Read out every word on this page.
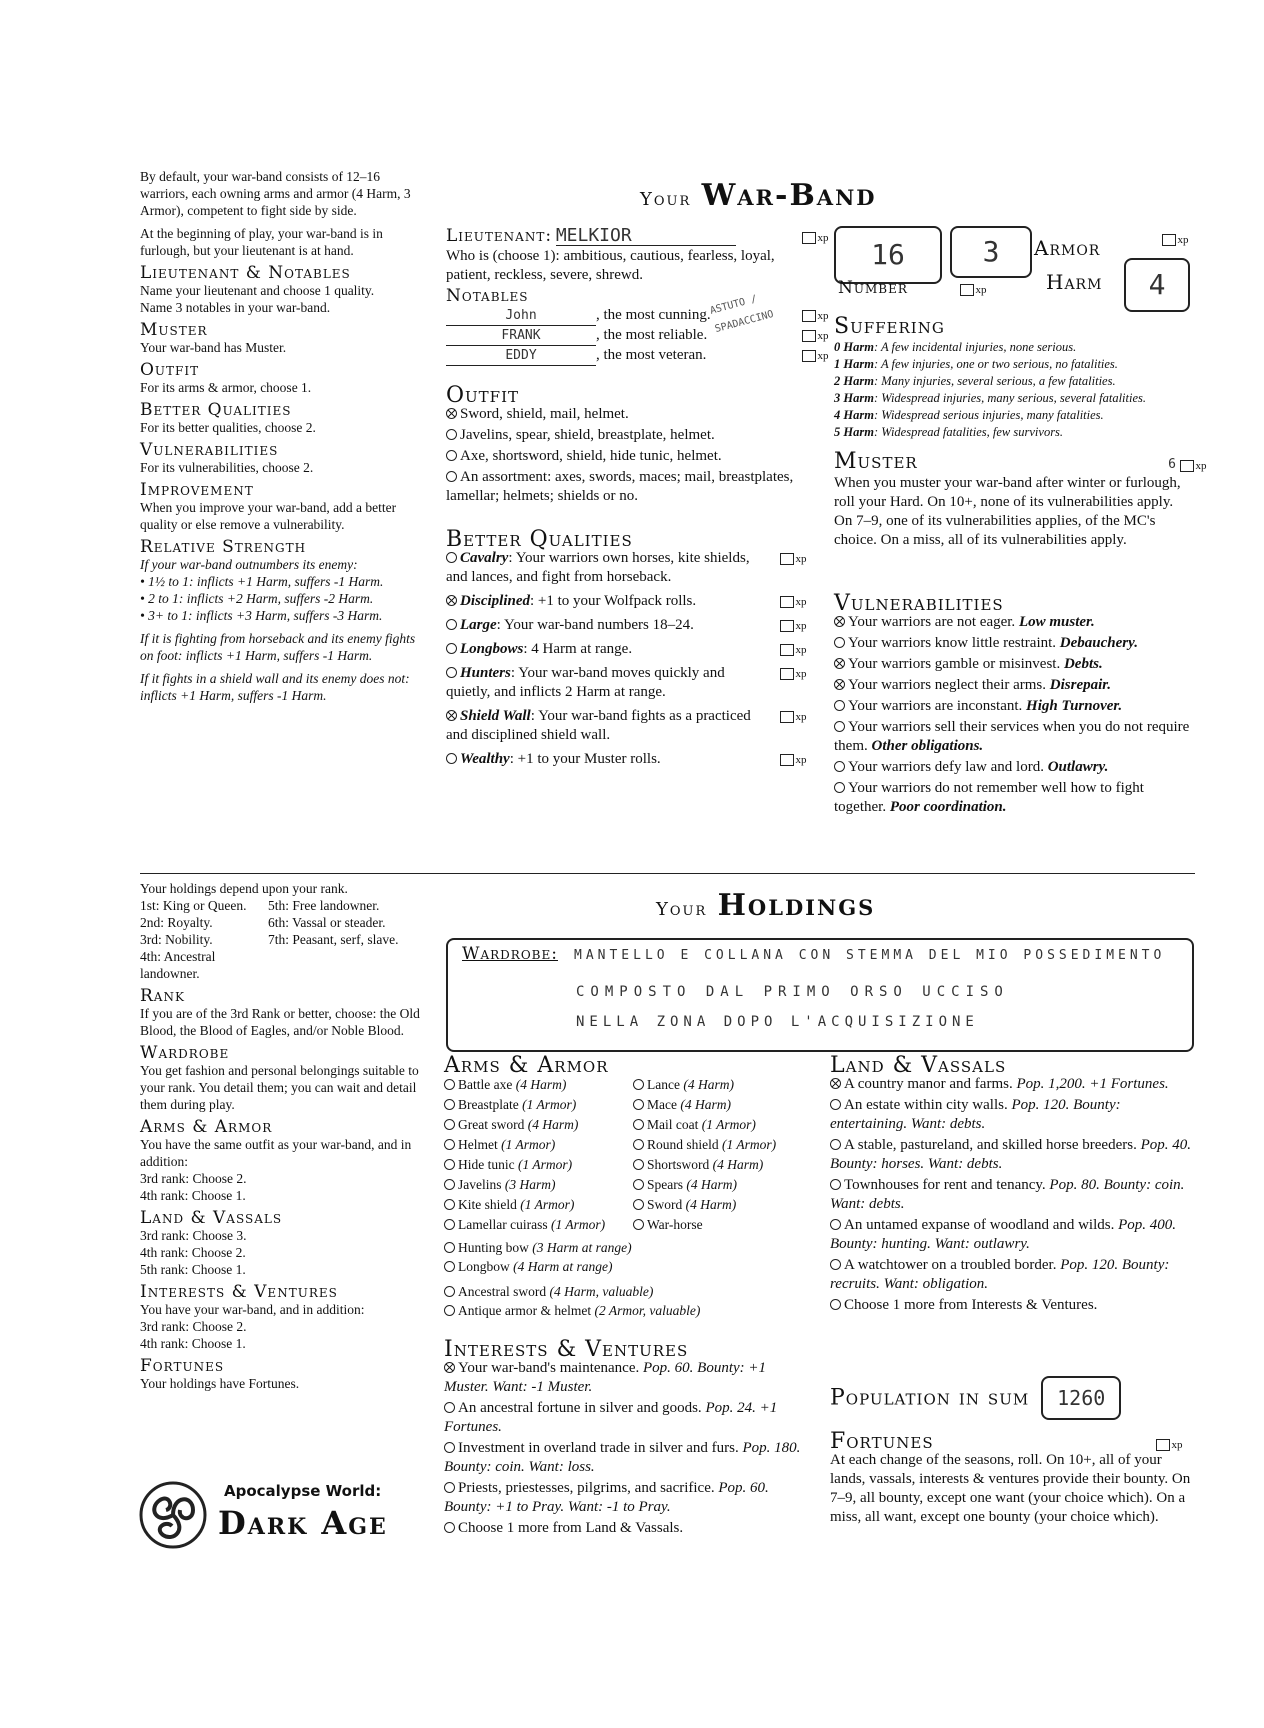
By default, your war-band consists of 12–16 warriors, each owning arms and armor (4 Harm, 3 Armor), competent to fight side by side.

At the beginning of play, your war-band is in furlough, but your lieutenant is at hand.

Lieutenant & Notables
Name your lieutenant and choose 1 quality.
Name 3 notables in your war-band.
Muster
Your war-band has Muster.
Outfit
For its arms & armor, choose 1.
Better Qualities
For its better qualities, choose 2.
Vulnerabilities
For its vulnerabilities, choose 2.
Improvement
When you improve your war-band, add a better quality or else remove a vulnerability.
Relative Strength
If your war-band outnumbers its enemy:
• 1½ to 1: inflicts +1 Harm, suffers -1 Harm.
• 2 to 1: inflicts +2 Harm, suffers -2 Harm.
• 3+ to 1: inflicts +3 Harm, suffers -3 Harm.

If it is fighting from horseback and its enemy fights on foot: inflicts +1 Harm, suffers -1 Harm.

If it fights in a shield wall and its enemy does not: inflicts +1 Harm, suffers -1 Harm.

Your War-Band
Lieutenant: MELKIOR
xp
Who is (choose 1): ambitious, cautious, fearless, loyal, patient, reckless, severe, shrewd.
Notables	ASTUTO / SPADACCINO
John	, the most cunning.
xp
FRANK	, the most reliable.
xp
EDDY	, the most veteran.
xp
16
Number
xp
3	Armor
xp
Harm	4
Outfit
Sword, shield, mail, helmet.
Javelins, spear, shield, breastplate, helmet.
Axe, shortsword, shield, hide tunic, helmet.
An assortment: axes, swords, maces; mail, breastplates, lamellar; helmets; shields or no.
Better Qualities
Cavalry: Your warriors own horses, kite shields, and lances, and fight from horseback.
xp
Disciplined: +1 to your Wolfpack rolls.
xp
Large: Your war-band numbers 18–24.
xp
Longbows: 4 Harm at range.
xp
Hunters: Your war-band moves quickly and quietly, and inflicts 2 Harm at range.
xp
Shield Wall: Your war-band fights as a practiced and disciplined shield wall.
xp
Wealthy: +1 to your Muster rolls.
xp
Suffering
0 Harm: A few incidental injuries, none serious.
1 Harm: A few injuries, one or two serious, no fatalities.
2 Harm: Many injuries, several serious, a few fatalities.
3 Harm: Widespread injuries, many serious, several fatalities.
4 Harm: Widespread serious injuries, many fatalities.
5 Harm: Widespread fatalities, few survivors.
Muster	6xp
When you muster your war-band after winter or furlough, roll your Hard. On 10+, none of its vulnerabilities apply. On 7–9, one of its vulnerabilities applies, of the MC's choice. On a miss, all of its vulnerabilities apply.
Vulnerabilities
Your warriors are not eager. Low muster.
Your warriors know little restraint. Debauchery.
Your warriors gamble or misinvest. Debts.
Your warriors neglect their arms. Disrepair.
Your warriors are inconstant. High Turnover.
Your warriors sell their services when you do not require them. Other obligations.
Your warriors defy law and lord. Outlawry.
Your warriors do not remember well how to fight together. Poor coordination.
Your holdings depend upon your rank.
1st: King or Queen.	5th: Free landowner.
2nd: Royalty.	6th: Vassal or steader.
3rd: Nobility.	7th: Peasant, serf, slave.
4th: Ancestral landowner.
Rank
If you are of the 3rd Rank or better, choose: the Old Blood, the Blood of Eagles, and/or Noble Blood.
Wardrobe
You get fashion and personal belongings suitable to your rank. You detail them; you can wait and detail them during play.
Arms & Armor
You have the same outfit as your war-band, and in addition:
3rd rank: Choose 2.
4th rank: Choose 1.
Land & Vassals
3rd rank: Choose 3.
4th rank: Choose 2.
5th rank: Choose 1.
Interests & Ventures
You have your war-band, and in addition:
3rd rank: Choose 2.
4th rank: Choose 1.
Fortunes
Your holdings have Fortunes.
Apocalypse World:
Dark Age
Your Holdings
Wardrobe: MANTELLO E COLLANA CON STEMMA DEL MIO POSSEDIMENTO
COMPOSTO DAL PRIMO ORSO UCCISO
NELLA ZONA DOPO L'ACQUISIZIONE
Arms & Armor
Battle axe (4 Harm)	Lance (4 Harm)
Breastplate (1 Armor)	Mace (4 Harm)
Great sword (4 Harm)	Mail coat (1 Armor)
Helmet (1 Armor)	Round shield (1 Armor)
Hide tunic (1 Armor)	Shortsword (4 Harm)
Javelins (3 Harm)	Spears (4 Harm)
Kite shield (1 Armor)	Sword (4 Harm)
Lamellar cuirass (1 Armor)	War-horse
Hunting bow (3 Harm at range)
Longbow (4 Harm at range)
Ancestral sword (4 Harm, valuable)
Antique armor & helmet (2 Armor, valuable)
Interests & Ventures
Your war-band's maintenance. Pop. 60. Bounty: +1 Muster. Want: -1 Muster.
An ancestral fortune in silver and goods. Pop. 24. +1 Fortunes.
Investment in overland trade in silver and furs. Pop. 180. Bounty: coin. Want: loss.
Priests, priestesses, pilgrims, and sacrifice. Pop. 60. Bounty: +1 to Pray. Want: -1 to Pray.
Choose 1 more from Land & Vassals.
Land & Vassals
A country manor and farms. Pop. 1,200. +1 Fortunes.
An estate within city walls. Pop. 120. Bounty: entertaining. Want: debts.
A stable, pastureland, and skilled horse breeders. Pop. 40. Bounty: horses. Want: debts.
Townhouses for rent and tenancy. Pop. 80. Bounty: coin. Want: debts.
An untamed expanse of woodland and wilds. Pop. 400. Bounty: hunting. Want: outlawry.
A watchtower on a troubled border. Pop. 120. Bounty: recruits. Want: obligation.
Choose 1 more from Interests & Ventures.
Population in sum 1260
Fortunes
xp
At each change of the seasons, roll. On 10+, all of your lands, vassals, interests & ventures provide their bounty. On 7–9, all bounty, except one want (your choice which). On a miss, all want, except one bounty (your choice which).
